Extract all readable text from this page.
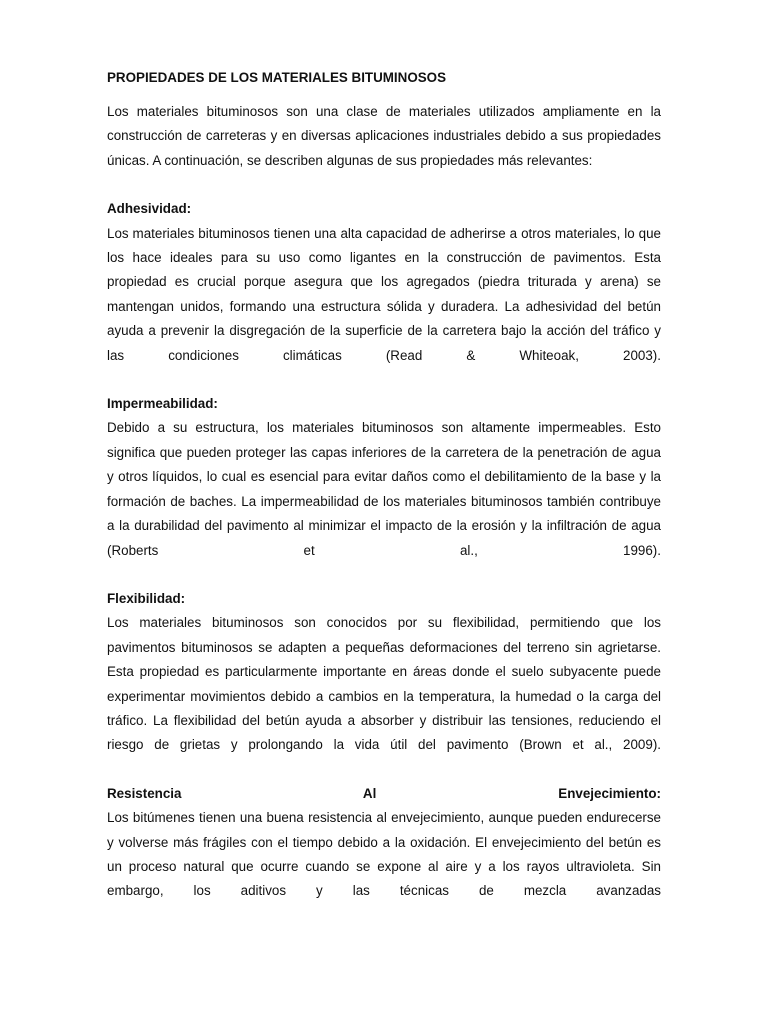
PROPIEDADES DE LOS MATERIALES BITUMINOSOS

Los materiales bituminosos son una clase de materiales utilizados ampliamente en la construcción de carreteras y en diversas aplicaciones industriales debido a sus propiedades únicas. A continuación, se describen algunas de sus propiedades más relevantes:

Adhesividad:

Los materiales bituminosos tienen una alta capacidad de adherirse a otros materiales, lo que los hace ideales para su uso como ligantes en la construcción de pavimentos. Esta propiedad es crucial porque asegura que los agregados (piedra triturada y arena) se mantengan unidos, formando una estructura sólida y duradera. La adhesividad del betún ayuda a prevenir la disgregación de la superficie de la carretera bajo la acción del tráfico y las condiciones climáticas (Read & Whiteoak, 2003).

Impermeabilidad:

Debido a su estructura, los materiales bituminosos son altamente impermeables. Esto significa que pueden proteger las capas inferiores de la carretera de la penetración de agua y otros líquidos, lo cual es esencial para evitar daños como el debilitamiento de la base y la formación de baches. La impermeabilidad de los materiales bituminosos también contribuye a la durabilidad del pavimento al minimizar el impacto de la erosión y la infiltración de agua (Roberts et al., 1996).

Flexibilidad:

Los materiales bituminosos son conocidos por su flexibilidad, permitiendo que los pavimentos bituminosos se adapten a pequeñas deformaciones del terreno sin agrietarse. Esta propiedad es particularmente importante en áreas donde el suelo subyacente puede experimentar movimientos debido a cambios en la temperatura, la humedad o la carga del tráfico. La flexibilidad del betún ayuda a absorber y distribuir las tensiones, reduciendo el riesgo de grietas y prolongando la vida útil del pavimento (Brown et al., 2009).

Resistencia Al Envejecimiento:

Los bitúmenes tienen una buena resistencia al envejecimiento, aunque pueden endurecerse y volverse más frágiles con el tiempo debido a la oxidación. El envejecimiento del betún es un proceso natural que ocurre cuando se expone al aire y a los rayos ultravioleta. Sin embargo, los aditivos y las técnicas de mezcla avanzadas
